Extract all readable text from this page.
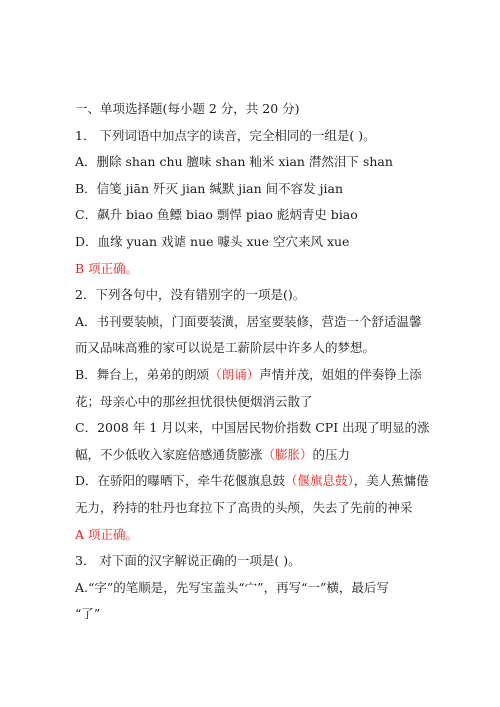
一、单项选择题(每小题 2 分，共 20 分)
1． 下列词语中加点字的读音，完全相同的一组是( )。
A．删除 shan chu 膻味 shan 籼米 xian 潸然泪下 shan
B．信笺 jiān 歼灭 jian 缄默 jian 间不容发 jian
C．飙升 biao 鱼鳔 biao 剽悍 piao 彪炳青史 biao
D．血缘 yuan 戏谑 nue 噱头 xue 空穴来风 xue
B 项正确。
2．下列各句中，没有错别字的一项是()。
A．书刊要装帧，门面要装潢，居室要装修，营造一个舒适温馨
而又品味高雅的家可以说是工薪阶层中许多人的梦想。
B．舞台上，弟弟的朗颂（朗诵）声情并茂，姐姐的伴奏铮上添
花；母亲心中的那丝担忧很快便烟消云散了
C．2008 年 1 月以来，中国居民物价指数 CPI 出现了明显的涨
幅，不少低收入家庭倍感通货膨涨（膨胀）的压力
D．在骄阳的曝晒下，牵牛花偃旗息鼓（偃旗息鼓），美人蕉慵倦
无力，矜持的牡丹也耷拉下了高贵的头颅，失去了先前的神采
A 项正确。
3． 对下面的汉字解说正确的一项是( )。
A.“字”的笔顺是，先写宝盖头“宀”，再写“一”横，最后写
“了”
